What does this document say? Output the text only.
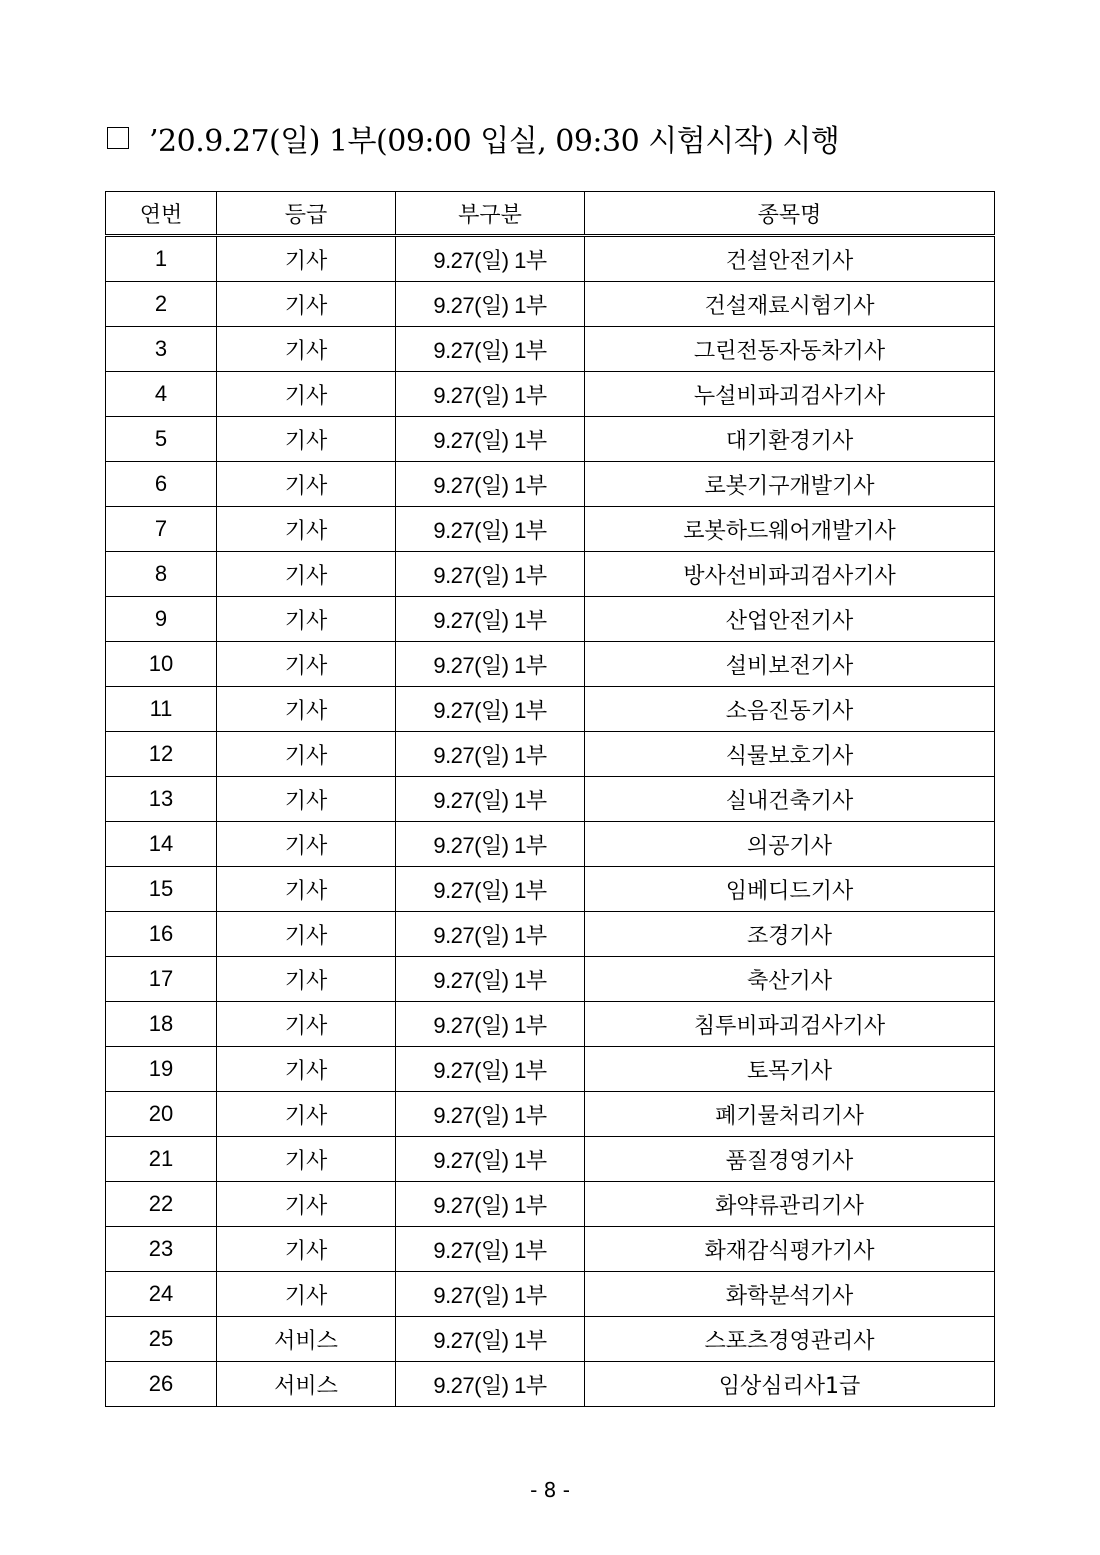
’20.9.27(일) 1부(09:00 입실, 09:30 시험시작) 시행
연번	등급	부구분	종목명
1	기사	9.27(일) 1부	건설안전기사
2	기사	9.27(일) 1부	건설재료시험기사
3	기사	9.27(일) 1부	그린전동자동차기사
4	기사	9.27(일) 1부	누설비파괴검사기사
5	기사	9.27(일) 1부	대기환경기사
6	기사	9.27(일) 1부	로봇기구개발기사
7	기사	9.27(일) 1부	로봇하드웨어개발기사
8	기사	9.27(일) 1부	방사선비파괴검사기사
9	기사	9.27(일) 1부	산업안전기사
10	기사	9.27(일) 1부	설비보전기사
11	기사	9.27(일) 1부	소음진동기사
12	기사	9.27(일) 1부	식물보호기사
13	기사	9.27(일) 1부	실내건축기사
14	기사	9.27(일) 1부	의공기사
15	기사	9.27(일) 1부	임베디드기사
16	기사	9.27(일) 1부	조경기사
17	기사	9.27(일) 1부	축산기사
18	기사	9.27(일) 1부	침투비파괴검사기사
19	기사	9.27(일) 1부	토목기사
20	기사	9.27(일) 1부	폐기물처리기사
21	기사	9.27(일) 1부	품질경영기사
22	기사	9.27(일) 1부	화약류관리기사
23	기사	9.27(일) 1부	화재감식평가기사
24	기사	9.27(일) 1부	화학분석기사
25	서비스	9.27(일) 1부	스포츠경영관리사
26	서비스	9.27(일) 1부	임상심리사1급
- 8 -
